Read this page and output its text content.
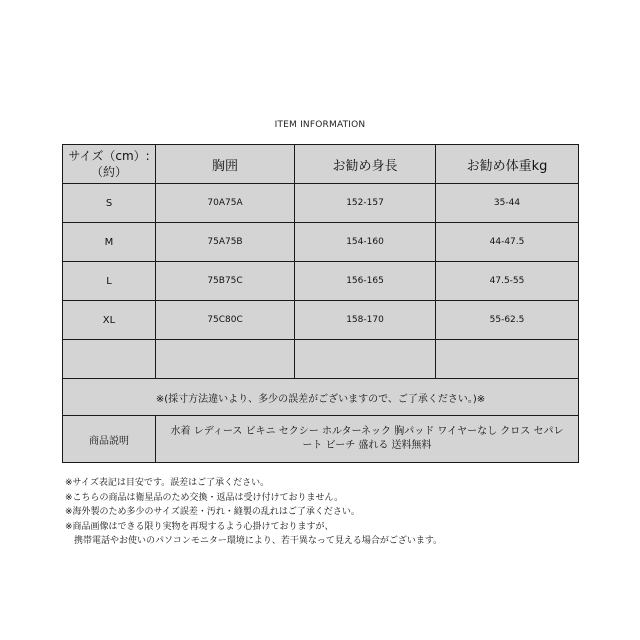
ITEM INFORMATION
サイズ（cm）:
（約）	胸囲	お勧め身長	お勧め体重kg
S	70A75A	152-157	35-44
M	75A75B	154-160	44-47.5
L	75B75C	156-165	47.5-55
XL	75C80C	158-170	55-62.5

※(採寸方法違いより、多少の誤差がございますので、ご了承ください。)※			
商品説明	水着 レディース ビキニ セクシー ホルターネック 胸パッド ワイヤーなし クロス セパレート ビーチ 盛れる 送料無料		
※サイズ表記は目安です。誤差はご了承ください。
※こちらの商品は衛星品のため交換・返品は受け付けておりません。
※海外製のため多少のサイズ誤差・汚れ・縫製の乱れはご了承ください。
※商品画像はできる限り実物を再現するよう心掛けておりますが、
　携帯電話やお使いのパソコンモニター環境により、若干異なって見える場合がございます。
